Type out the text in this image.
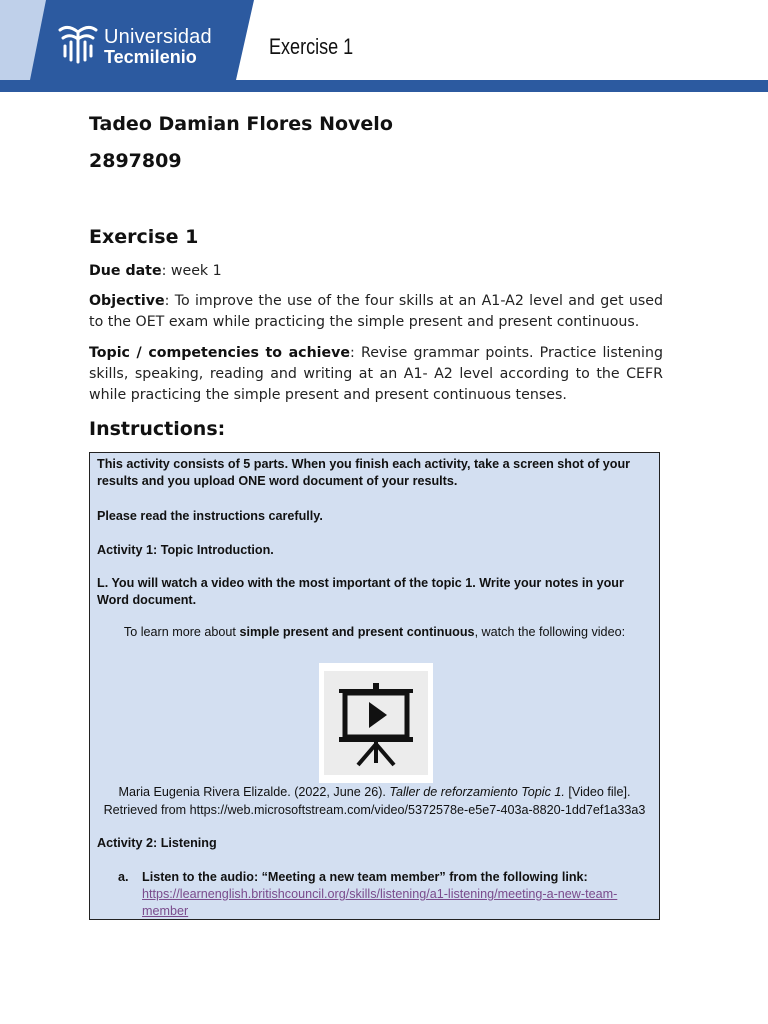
Universidad
Tecmilenio	Exercise 1
Tadeo Damian Flores Novelo
2897809
Exercise 1
Due date: week 1
Objective: To improve the use of the four skills at an A1-A2 level and get used to the OET exam while practicing the simple present and present continuous.
Topic / competencies to achieve: Revise grammar points. Practice listening skills, speaking, reading and writing at an A1- A2 level according to the CEFR while practicing the simple present and present continuous tenses.
Instructions:
This activity consists of 5 parts. When you finish each activity, take a screen shot of your results and you upload ONE word document of your results.
Please read the instructions carefully.
Activity 1: Topic Introduction.
L. You will watch a video with the most important of the topic 1. Write your notes in your Word document.
To learn more about simple present and present continuous, watch the following video:
Maria Eugenia Rivera Elizalde. (2022, June 26). Taller de reforzamiento Topic 1. [Video file].
Retrieved from https://web.microsoftstream.com/video/5372578e-e5e7-403a-8820-1dd7ef1a33a3
Activity 2: Listening
a. Listen to the audio: “Meeting a new team member” from the following link:
https://learnenglish.britishcouncil.org/skills/listening/a1-listening/meeting-a-new-team-member
